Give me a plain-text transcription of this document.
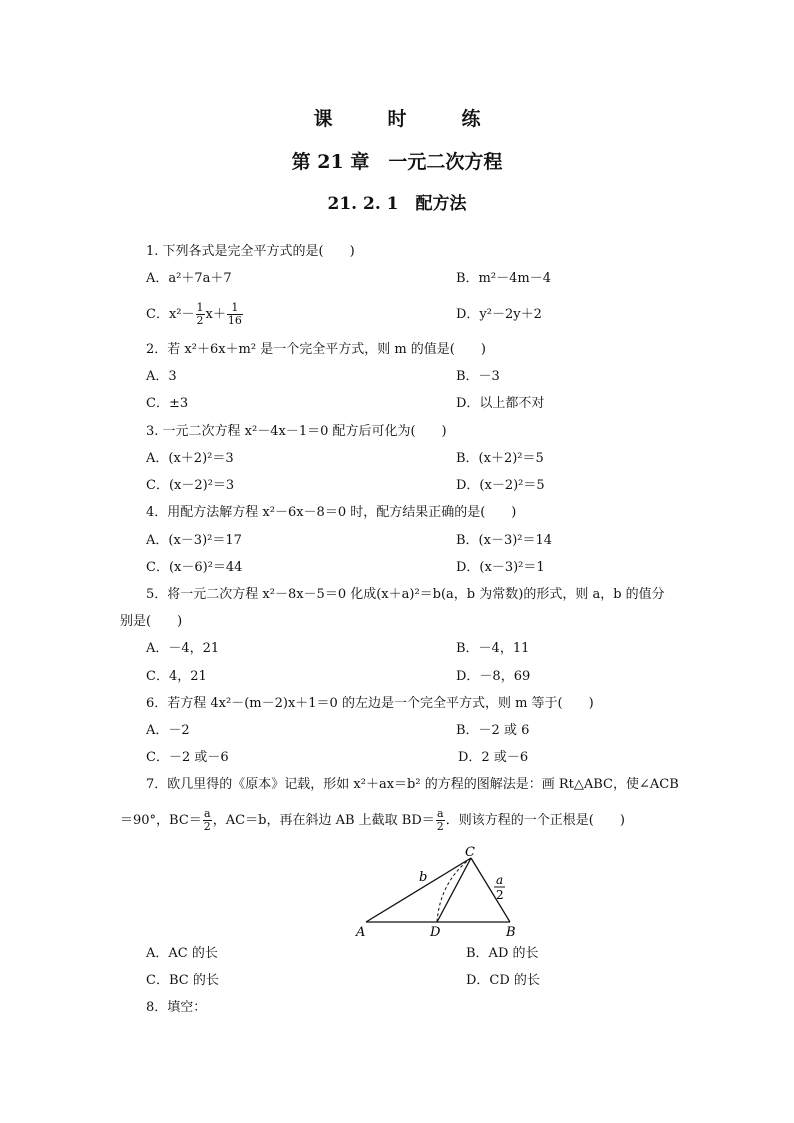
课　时　练
第 21 章　一元二次方程
21. 2. 1　配方法
1. 下列各式是完全平方式的是(　　)
A．a²＋7a＋7	B．m²－4m－4
C．$x^2- \frac{1}{2} x+ \frac{1}{16}$	D．y²－2y＋2
2．若 x²＋6x＋m² 是一个完全平方式，则 m 的值是(　　)
A．3	B．－3
C．±3	D．以上都不对
3. 一元二次方程 x²－4x－1＝0 配方后可化为(　　)
A．(x＋2)²＝3	B．(x＋2)²＝5
C．(x－2)²＝3	D．(x－2)²＝5
4．用配方法解方程 x²－6x－8＝0 时，配方结果正确的是(　　)
A．(x－3)²＝17	B．(x－3)²＝14
C．(x－6)²＝44	D．(x－3)²＝1
5．将一元二次方程 x²－8x－5＝0 化成(x＋a)²＝b(a，b 为常数)的形式，则 a，b 的值分
别是(　　)
A．－4，21	B．－4，11
C．4，21	D．－8，69
6．若方程 4x²－(m－2)x＋1＝0 的左边是一个完全平方式，则 m 等于(　　)
A．－2	B．－2 或 6
C．－2 或－6	D．2 或－6
7．欧几里得的《原本》记载，形如 x²＋ax＝b² 的方程的图解法是：画 Rt△ABC，使∠ACB
＝90°，$BC= \frac{a}{2}$ ，AC＝b，再在斜边 AB 上截取 $BD= \frac{a}{2}$ ．则该方程的一个正根是(　　)
C
A	D	B
b	a
2
A．AC 的长	B．AD 的长
C．BC 的长	D．CD 的长
8．填空：
